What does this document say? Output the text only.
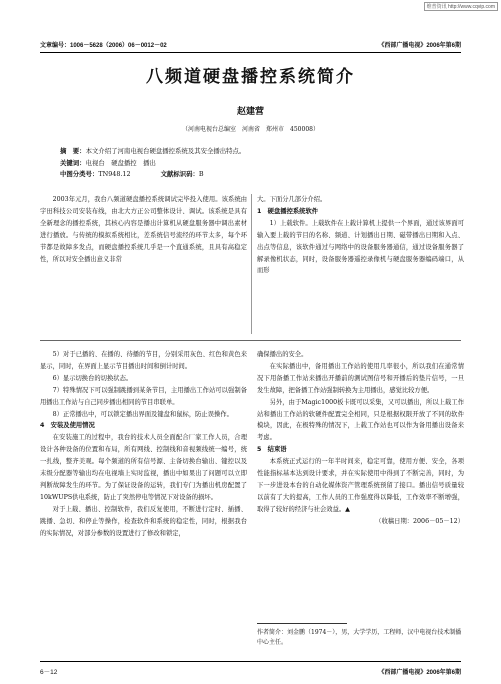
维普资讯 http://www.cqvip.com
文章编号：1006－5628（2006）06－0012－02	《西部广播电视》2006年第6期
八频道硬盘播控系统简介
赵建营
（河南电视台总编室　河南省　郑州市　450008）
摘　要：本文介绍了河南电视台硬盘播控系统及其安全播出特点。
关键词：电视台　硬盘播控　播出
中图分类号：TN948.12	文献标识码：B

2003年元月，我台八频道硬盘播控系统调试完毕投入使用。该系统由宇田科技公司安装布线，由北大方正公司整体设计、调试。该系统是具有全新理念的播控系统，其核心内容是播出计算机从硬盘服务器中调出素材进行播放。与传统的模拟系统相比，差系统信号流经的环节太多，每个环节都是故障多发点，而硬盘播控系统几乎是一个直通系统，且具有高稳定性，所以对安全播出意义非常

大。下面分几部分介绍。

1　硬盘播控系统软件

1）上载软件。上载软件在上载计算机上提供一个界面，通过该界面可输入要上载的节目的名称、频道、计划播出日期、磁带播出日期和入点、出点等信息，该软件通过与网络中的设备服务器通信，通过设备服务器了解录像机状态，同时，设备服务器遥控录像机与硬盘服务器编码端口，从而形

5）对于已播的、在播的、待播的节目，分别采用灰色、红色和黄色来显示，同时，在界面上显示节目播出时间和倒计时间。

6）显示切换台的切换状态。

7）特殊情况下可以强制跳播到某条节目，主用播出工作站可以强制备用播出工作站与自己同步播出相同的节目串联单。

8）正常播出中，可以锁定播出界面及键盘和鼠标，防止误操作。

4　安装及使用情况

在安装施工的过程中，我台的技术人员全面配合厂家工作人员，合理设计各种设备的位置和布局，所有网线、控制线和音视频线统一编号，统一扎线，整齐美观。每个频道的所有信号源、主备切换台输出、键控以及末级分配器等输出均在电视墙上实时监视，播出中如果出了问题可以立即判断故障发生的环节。为了保证设备的运转，我们专门为播出机房配置了10kWUPS供电系统，防止了突然停电等情况下对设备的损坏。

对于上载、播出、控制软件，我们反复使用，不断进行定时、插播、跳播、急切、和停止等操作，检查软件和系统的稳定性，同时，根据我台的实际情况，对部分参数的设置进行了修改和锁定，

确保播出的安全。

在实际播出中，备用播出工作站的使用几率很小，所以我们在通常情况下用备播工作站来播出开播前的测试图信号和开播后的垫片信号，一旦发生故障，把备播工作站强制转换为主用播出，感觉比较方便。

另外，由于Magic1000板卡既可以采集，又可以播出，所以上载工作站和播出工作站的软硬件配置完全相同，只是根据权限开放了不同的软件模块，因此，在极特殊的情况下，上载工作站也可以作为备用播出设备来考虑。

5　结束语

本系统正式运行的一年半时间来，稳定可靠，使用方便、安全，各项性能指标基本达到设计要求，并在实际使用中得到了不断完善，同时，为下一步进设本台的自动化媒体资产管理系统预留了接口。播出信号质量较以前有了大的提高，工作人员的工作强度得以降低，工作效率不断增强，取得了较好的经济与社会效益。▲

（收稿日期：2006－05－12）

作者简介：刘金鹏（1974－），男，大学学历，工程师，汉中电视台技术制播中心主任。
6－12	《西部广播电视》2006年第6期
